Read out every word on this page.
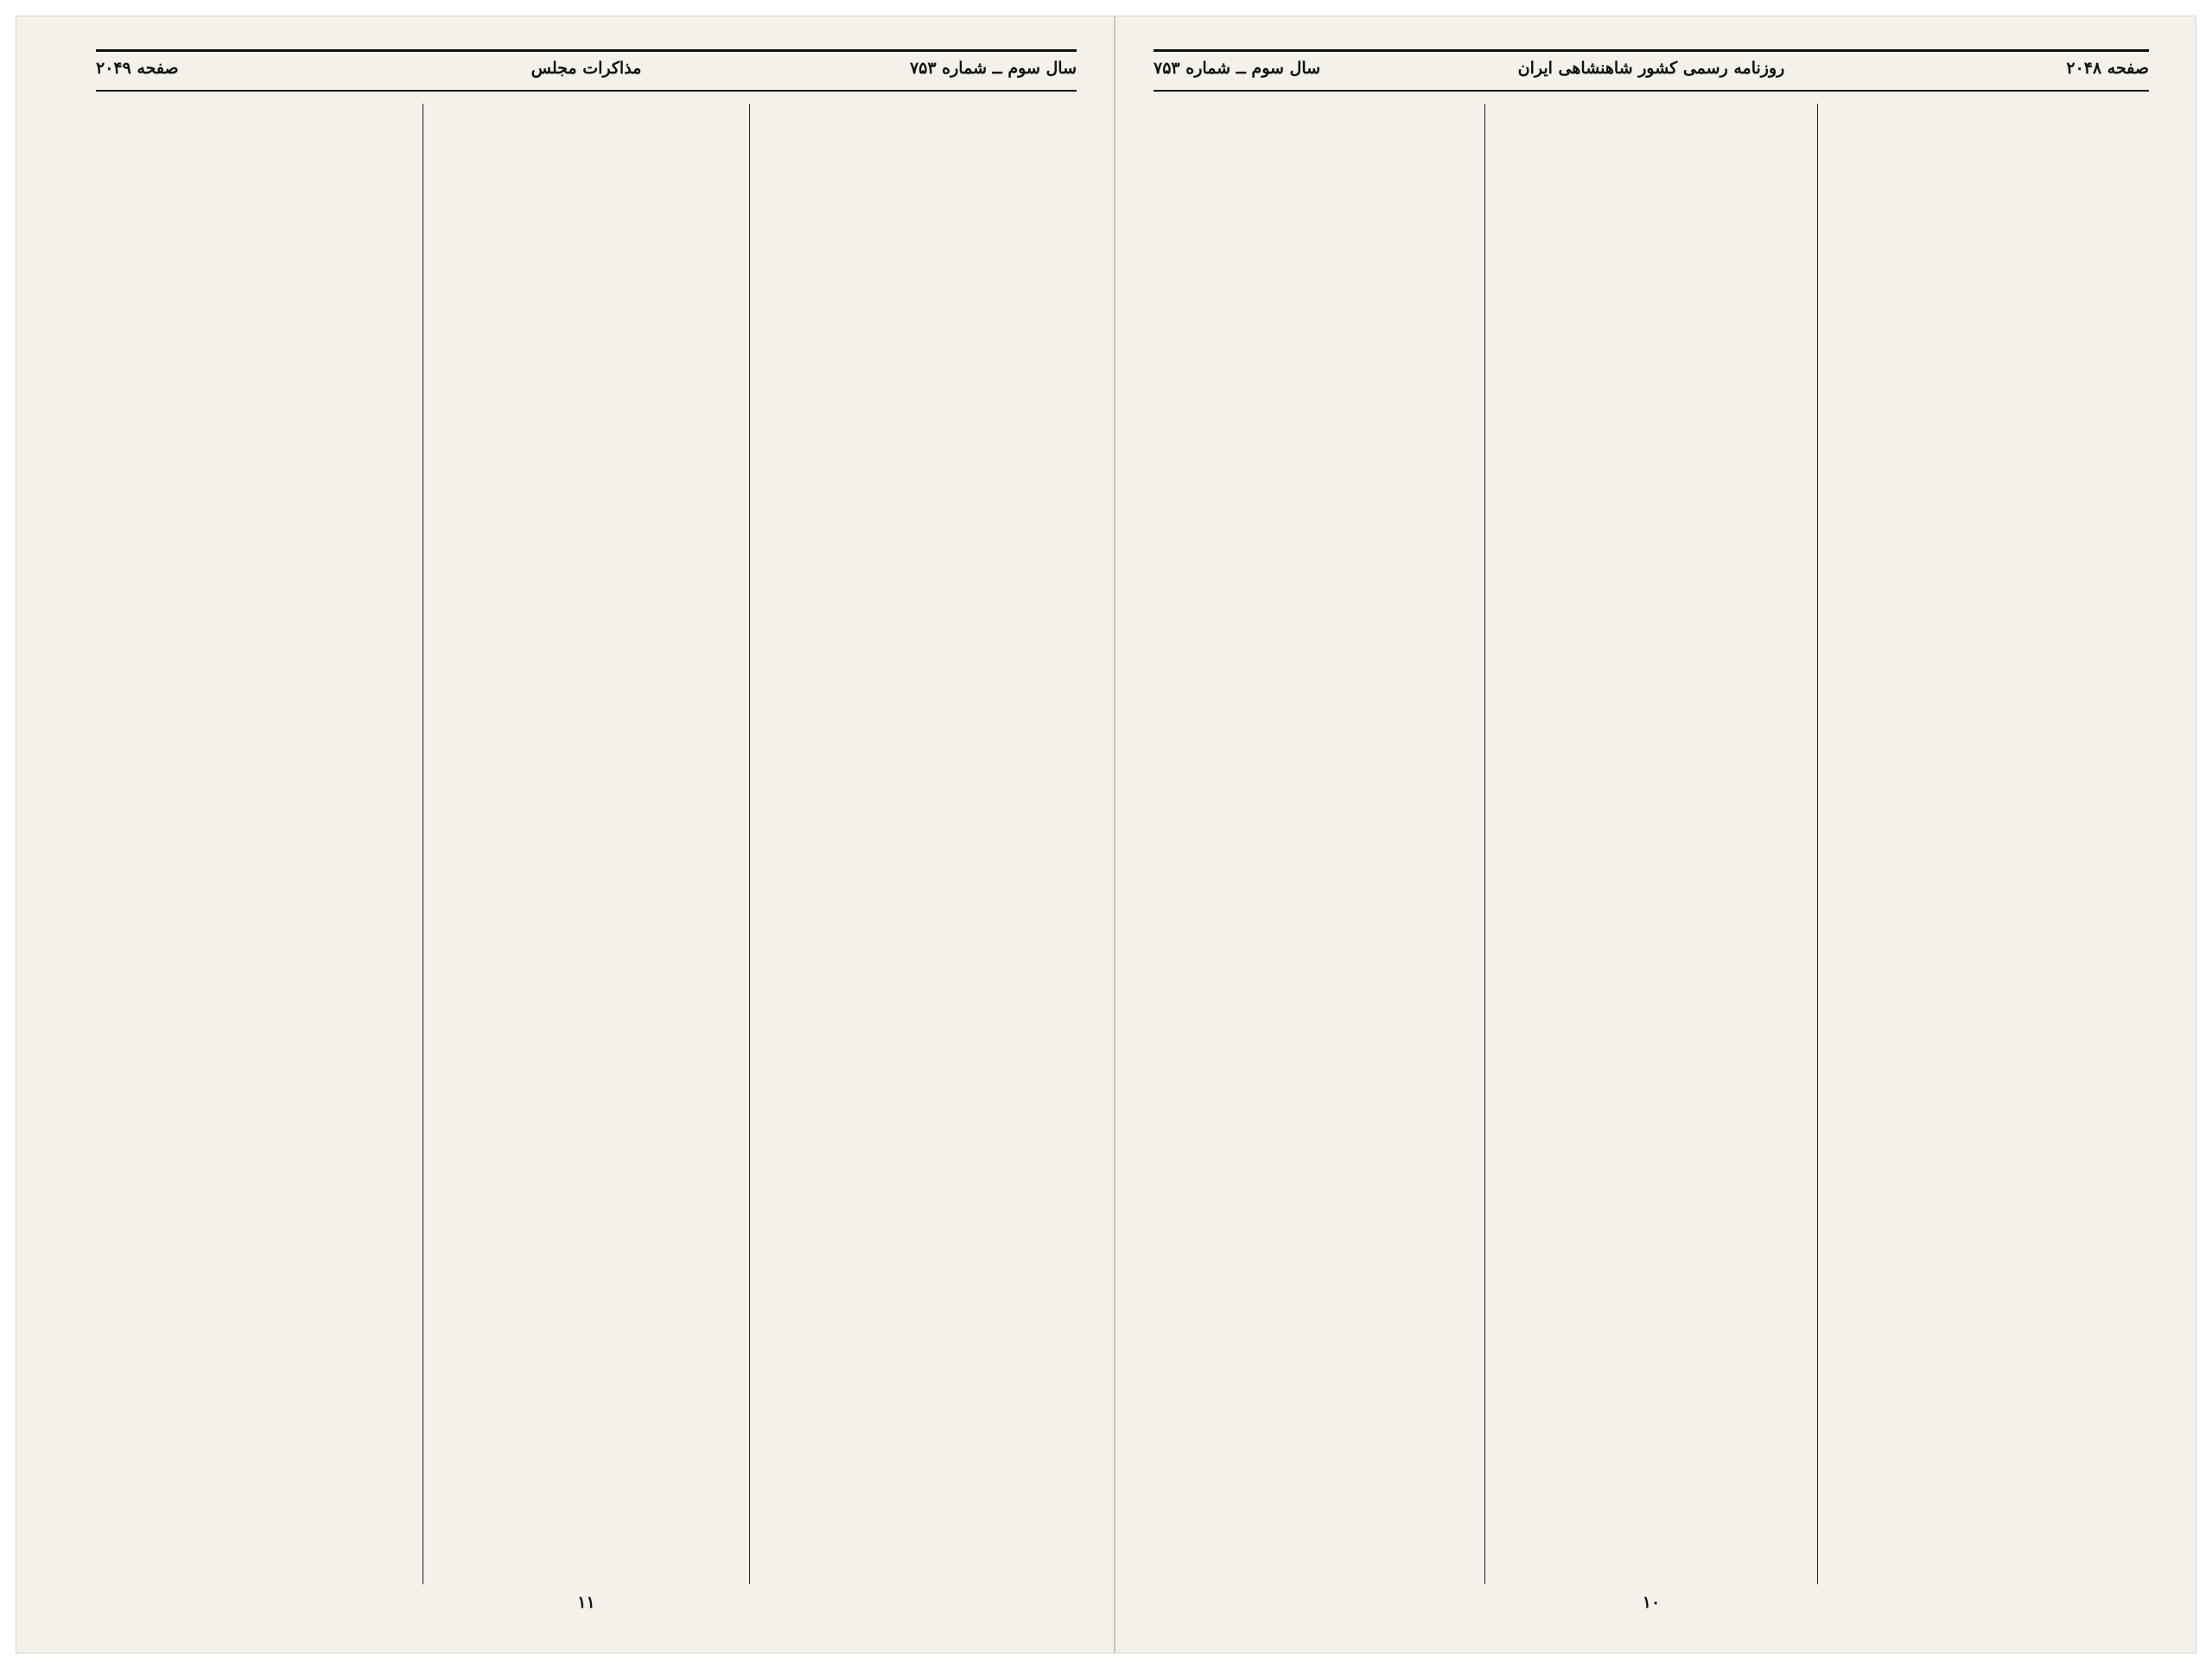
سال سوم ــ شماره ۷۵۳
مذاکرات مجلس
صفحه ۲۰۴۹
۱۱
صفحه ۲۰۴۸
روزنامه رسمی کشور شاهنشاهی ایران
سال سوم ــ شماره ۷۵۳
۱۰
